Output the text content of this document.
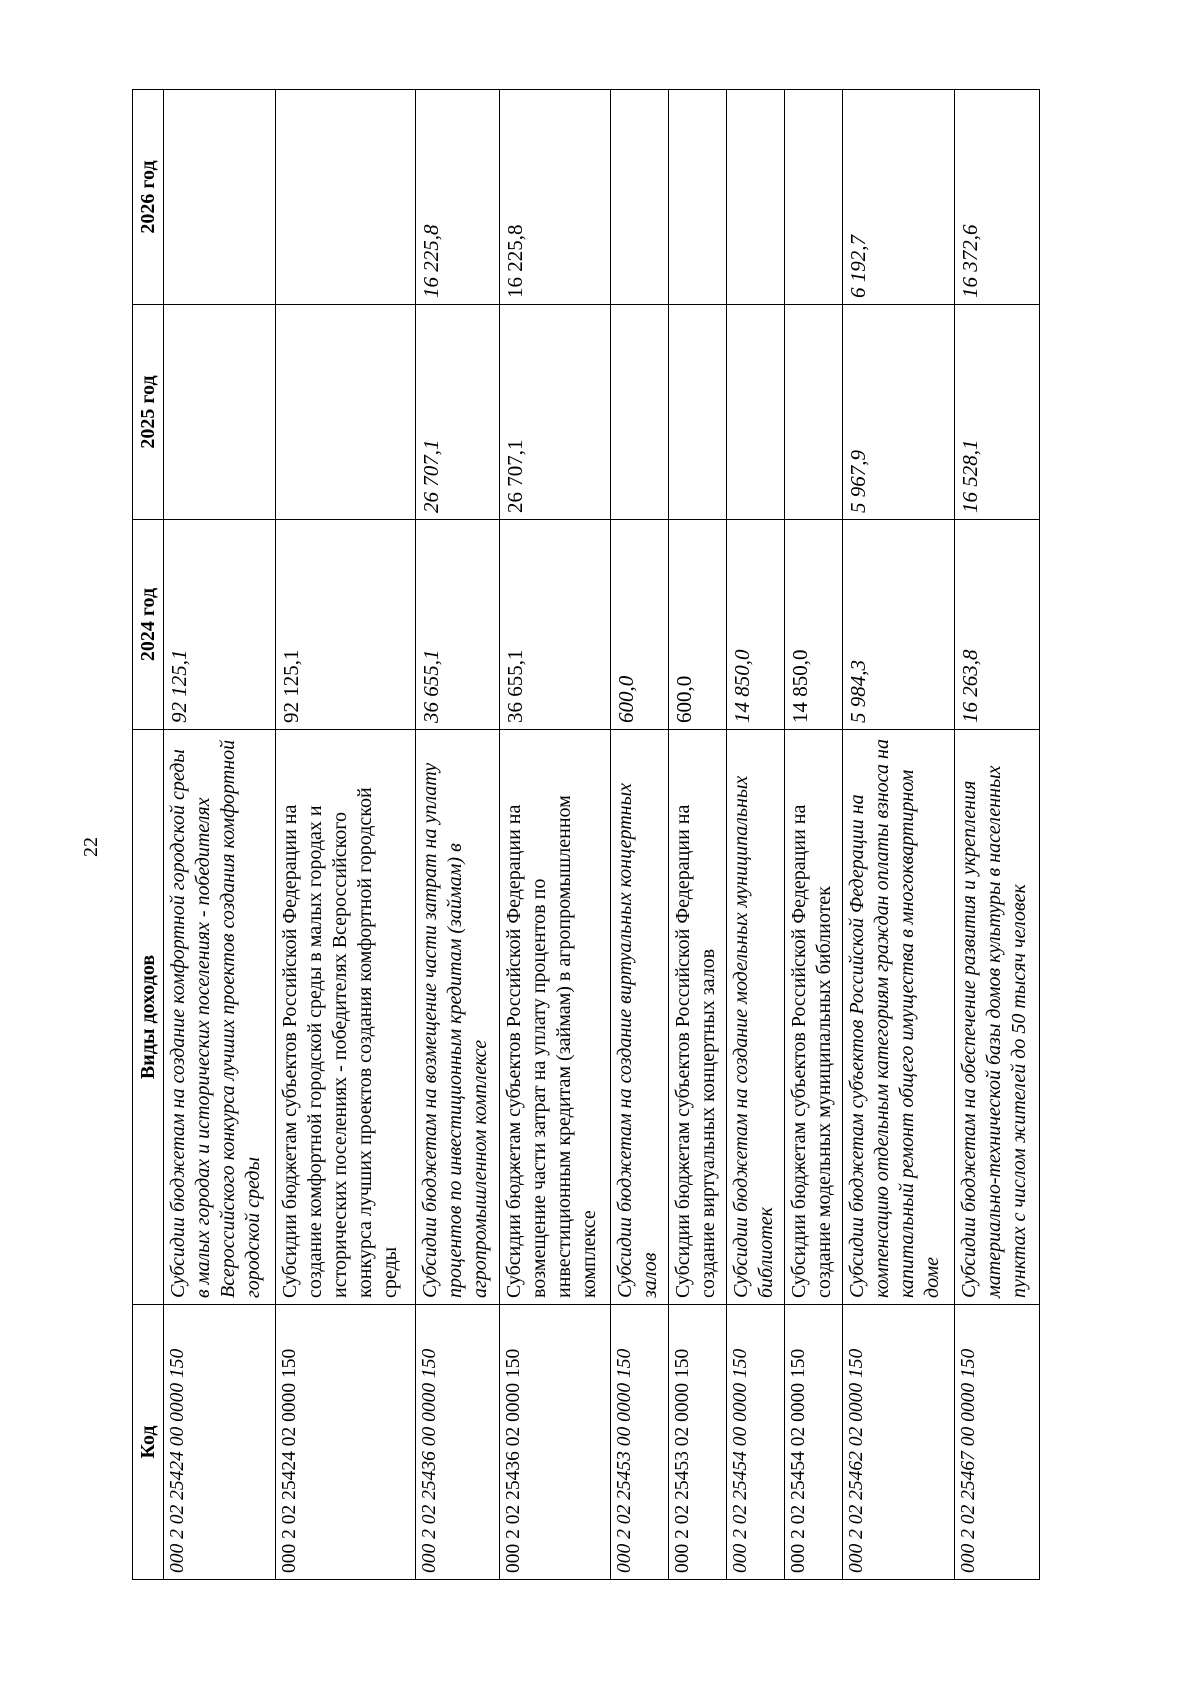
22
Код	Виды доходов	2024 год	2025 год	2026 год
000 2 02 25424 00 0000 150	Субсидии бюджетам на создание комфортной городской среды в малых городах и исторических поселениях - победителях Всероссийского конкурса лучших проектов создания комфортной городской среды	92 125,1		
000 2 02 25424 02 0000 150	Субсидии бюджетам субъектов Российской Федерации на создание комфортной городской среды в малых городах и исторических поселениях - победителях Всероссийского конкурса лучших проектов создания комфортной городской среды	92 125,1		
000 2 02 25436 00 0000 150	Субсидии бюджетам на возмещение части затрат на уплату процентов по инвестиционным кредитам (займам) в агропромышленном комплексе	36 655,1	26 707,1	16 225,8
000 2 02 25436 02 0000 150	Субсидии бюджетам субъектов Российской Федерации на возмещение части затрат на уплату процентов по инвестиционным кредитам (займам) в агропромышленном комплексе	36 655,1	26 707,1	16 225,8
000 2 02 25453 00 0000 150	Субсидии бюджетам на создание виртуальных концертных залов	600,0		
000 2 02 25453 02 0000 150	Субсидии бюджетам субъектов Российской Федерации на создание виртуальных концертных залов	600,0		
000 2 02 25454 00 0000 150	Субсидии бюджетам на создание модельных муниципальных библиотек	14 850,0		
000 2 02 25454 02 0000 150	Субсидии бюджетам субъектов Российской Федерации на создание модельных муниципальных библиотек	14 850,0		
000 2 02 25462 02 0000 150	Субсидии бюджетам субъектов Российской Федерации на компенсацию отдельным категориям граждан оплаты взноса на капитальный ремонт общего имущества в многоквартирном доме	5 984,3	5 967,9	6 192,7
000 2 02 25467 00 0000 150	Субсидии бюджетам на обеспечение развития и укрепления материально-технической базы домов культуры в населенных пунктах с числом жителей до 50 тысяч человек	16 263,8	16 528,1	16 372,6
